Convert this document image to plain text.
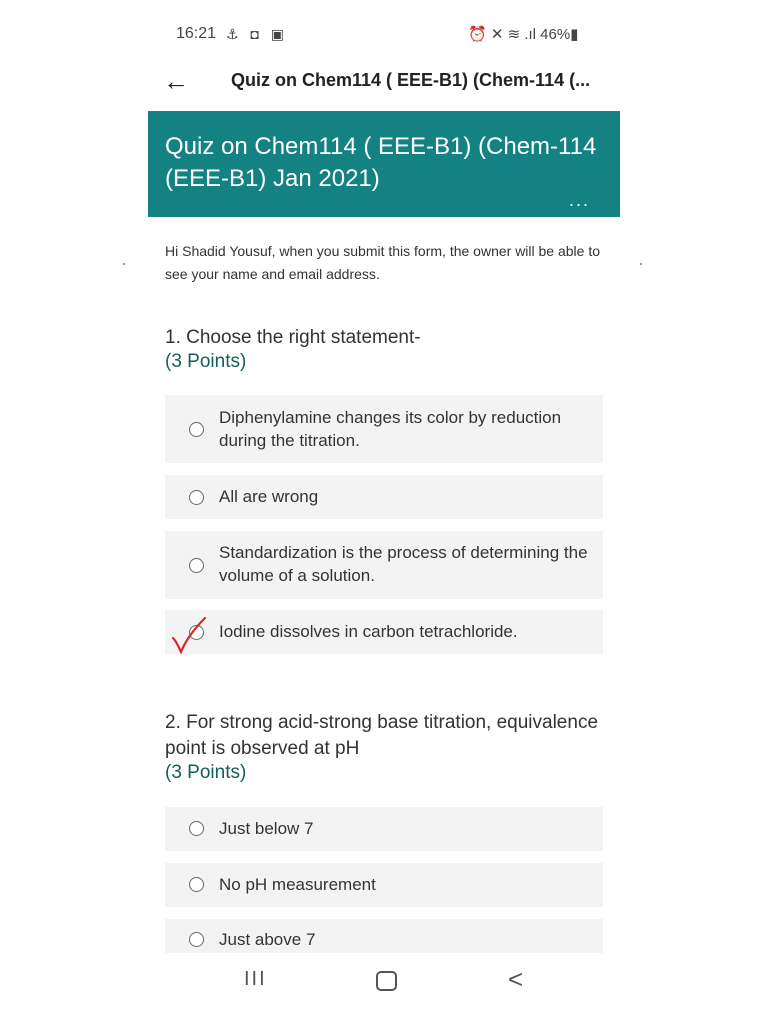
16:21 ⚓ ◘ ▣	⏰ ✕ ≋ .ıl 46%▮
←	Quiz on Chem114 ( EEE-B1) (Chem-114 (...
Quiz on Chem114 ( EEE-B1) (Chem-114 (EEE-B1) Jan 2021)
...
Hi Shadid Yousuf, when you submit this form, the owner will be able to see your name and email address.
1. Choose the right statement-
(3 Points)
Diphenylamine changes its color by reduction during the titration.
All are wrong
Standardization is the process of determining the volume of a solution.
Iodine dissolves in carbon tetrachloride.
2. For strong acid-strong base titration, equivalence point is observed at pH
(3 Points)
Just below 7
No pH measurement
Just above 7
III	<
